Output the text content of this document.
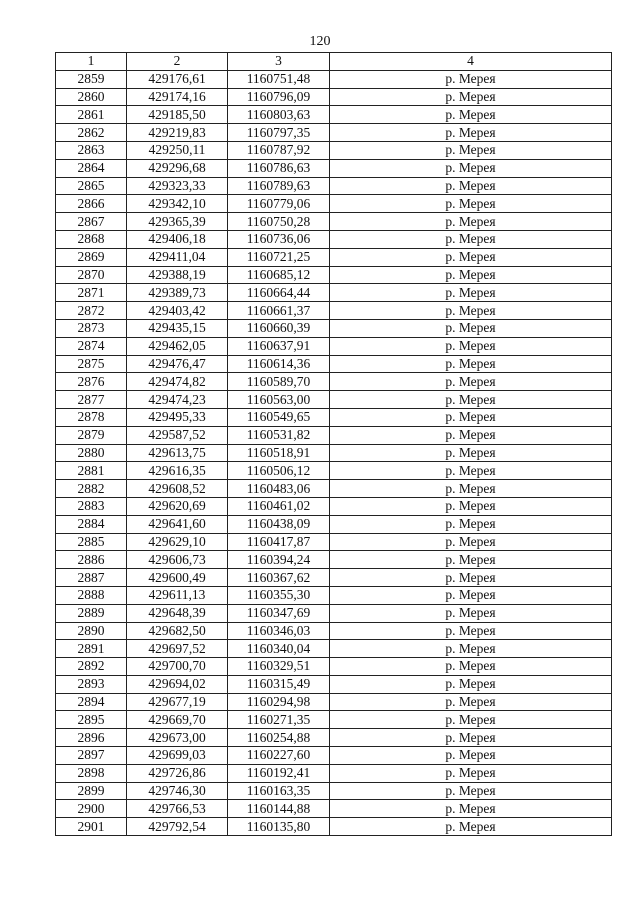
120
1	2	3	4
2859	429176,61	1160751,48	р. Мерея
2860	429174,16	1160796,09	р. Мерея
2861	429185,50	1160803,63	р. Мерея
2862	429219,83	1160797,35	р. Мерея
2863	429250,11	1160787,92	р. Мерея
2864	429296,68	1160786,63	р. Мерея
2865	429323,33	1160789,63	р. Мерея
2866	429342,10	1160779,06	р. Мерея
2867	429365,39	1160750,28	р. Мерея
2868	429406,18	1160736,06	р. Мерея
2869	429411,04	1160721,25	р. Мерея
2870	429388,19	1160685,12	р. Мерея
2871	429389,73	1160664,44	р. Мерея
2872	429403,42	1160661,37	р. Мерея
2873	429435,15	1160660,39	р. Мерея
2874	429462,05	1160637,91	р. Мерея
2875	429476,47	1160614,36	р. Мерея
2876	429474,82	1160589,70	р. Мерея
2877	429474,23	1160563,00	р. Мерея
2878	429495,33	1160549,65	р. Мерея
2879	429587,52	1160531,82	р. Мерея
2880	429613,75	1160518,91	р. Мерея
2881	429616,35	1160506,12	р. Мерея
2882	429608,52	1160483,06	р. Мерея
2883	429620,69	1160461,02	р. Мерея
2884	429641,60	1160438,09	р. Мерея
2885	429629,10	1160417,87	р. Мерея
2886	429606,73	1160394,24	р. Мерея
2887	429600,49	1160367,62	р. Мерея
2888	429611,13	1160355,30	р. Мерея
2889	429648,39	1160347,69	р. Мерея
2890	429682,50	1160346,03	р. Мерея
2891	429697,52	1160340,04	р. Мерея
2892	429700,70	1160329,51	р. Мерея
2893	429694,02	1160315,49	р. Мерея
2894	429677,19	1160294,98	р. Мерея
2895	429669,70	1160271,35	р. Мерея
2896	429673,00	1160254,88	р. Мерея
2897	429699,03	1160227,60	р. Мерея
2898	429726,86	1160192,41	р. Мерея
2899	429746,30	1160163,35	р. Мерея
2900	429766,53	1160144,88	р. Мерея
2901	429792,54	1160135,80	р. Мерея
